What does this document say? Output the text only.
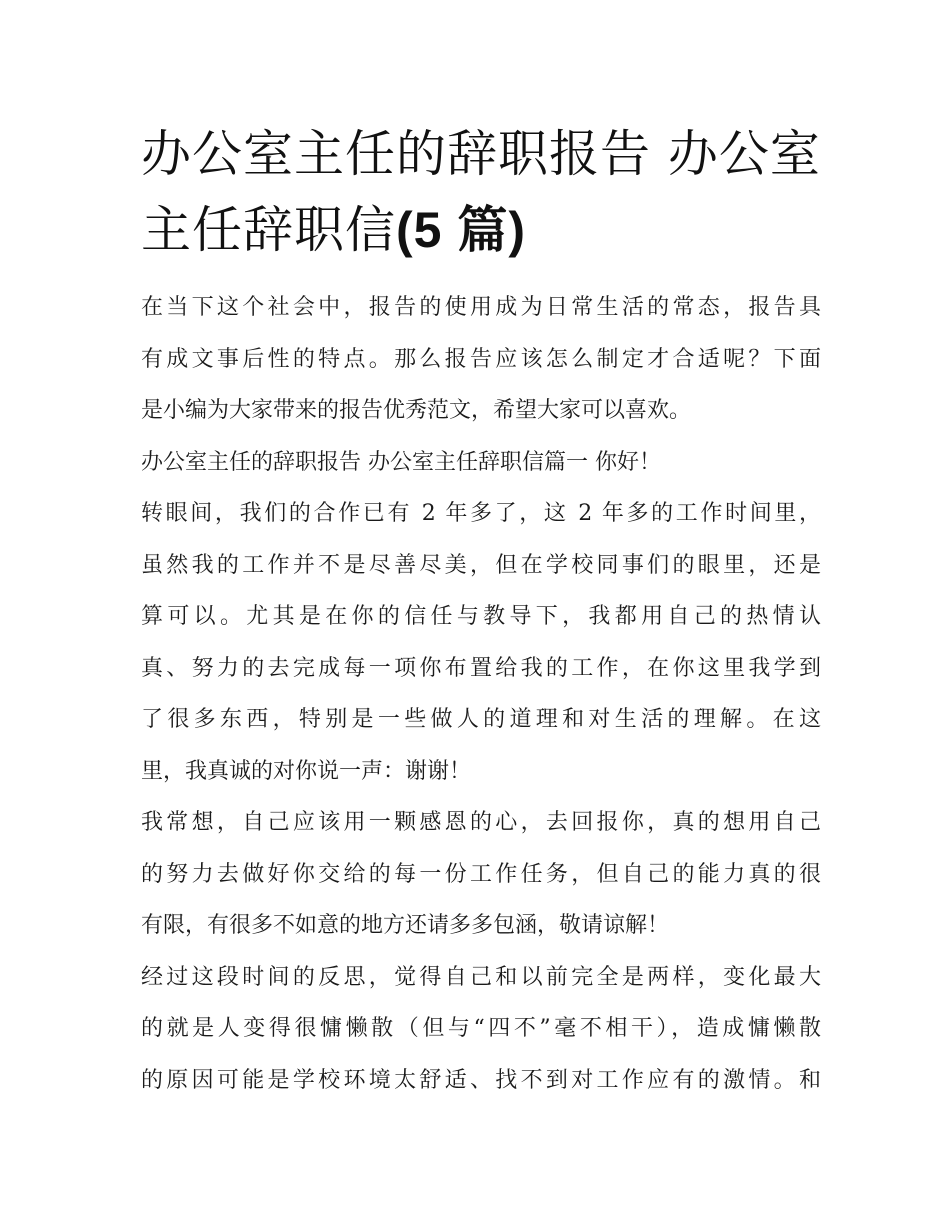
办公室主任的辞职报告 办公室
主任辞职信(5 篇)
在当下这个社会中，报告的使用成为日常生活的常态，报告具
有成文事后性的特点。那么报告应该怎么制定才合适呢？下面
是小编为大家带来的报告优秀范文，希望大家可以喜欢。
办公室主任的辞职报告 办公室主任辞职信篇一 你好！
转眼间，我们的合作已有 2 年多了，这 2 年多的工作时间里，
虽然我的工作并不是尽善尽美，但在学校同事们的眼里，还是
算可以。尤其是在你的信任与教导下，我都用自己的热情认
真、努力的去完成每一项你布置给我的工作，在你这里我学到
了很多东西，特别是一些做人的道理和对生活的理解。在这
里，我真诚的对你说一声：谢谢！
我常想，自己应该用一颗感恩的心，去回报你，真的想用自己
的努力去做好你交给的每一份工作任务，但自己的能力真的很
有限，有很多不如意的地方还请多多包涵，敬请谅解！
经过这段时间的反思，觉得自己和以前完全是两样，变化最大
的就是人变得很慵懒散（但与“四不”毫不相干），造成慵懒散
的原因可能是学校环境太舒适、找不到对工作应有的激情。和
